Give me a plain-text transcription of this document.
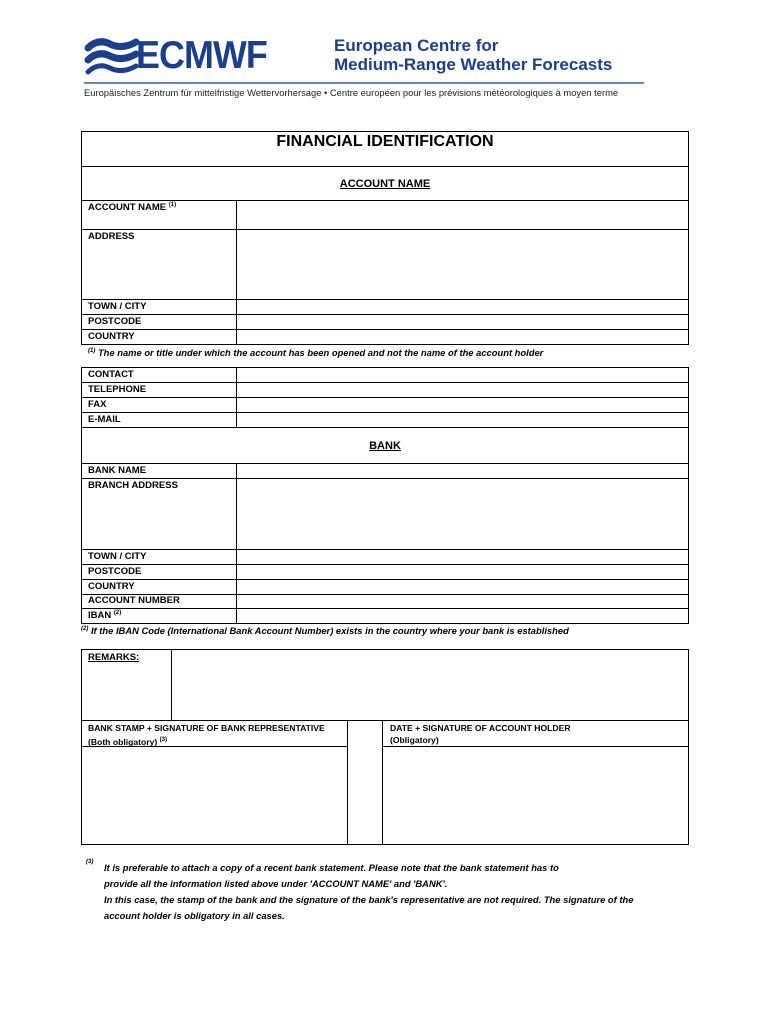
ECMWF	European Centre for
Medium-Range Weather Forecasts
Europäisches Zentrum für mittelfristige Wettervorhersage • Centre européen pour les prévisions météorologiques à moyen terme
FINANCIAL IDENTIFICATION
ACCOUNT NAME
ACCOUNT NAME $^{(1)}$
ADDRESS
TOWN / CITY
POSTCODE
COUNTRY
$^{(1)}$ The name or title under which the account has been opened and not the name of the account holder
CONTACT
TELEPHONE
FAX
E-MAIL
BANK
BANK NAME
BRANCH ADDRESS
TOWN / CITY
POSTCODE
COUNTRY
ACCOUNT NUMBER
IBAN $^{(2)}$
$^{(2)}$ If the IBAN Code (International Bank Account Number) exists in the country where your bank is established
REMARKS:
BANK STAMP + SIGNATURE OF BANK REPRESENTATIVE
(Both obligatory) $^{(3)}$
DATE + SIGNATURE OF ACCOUNT HOLDER
(Obligatory)
$^{(3)}$ It is preferable to attach a copy of a recent bank statement. Please note that the bank statement has to
provide all the information listed above under 'ACCOUNT NAME' and 'BANK'.
In this case, the stamp of the bank and the signature of the bank's representative are not required. The signature of the
account holder is obligatory in all cases.
